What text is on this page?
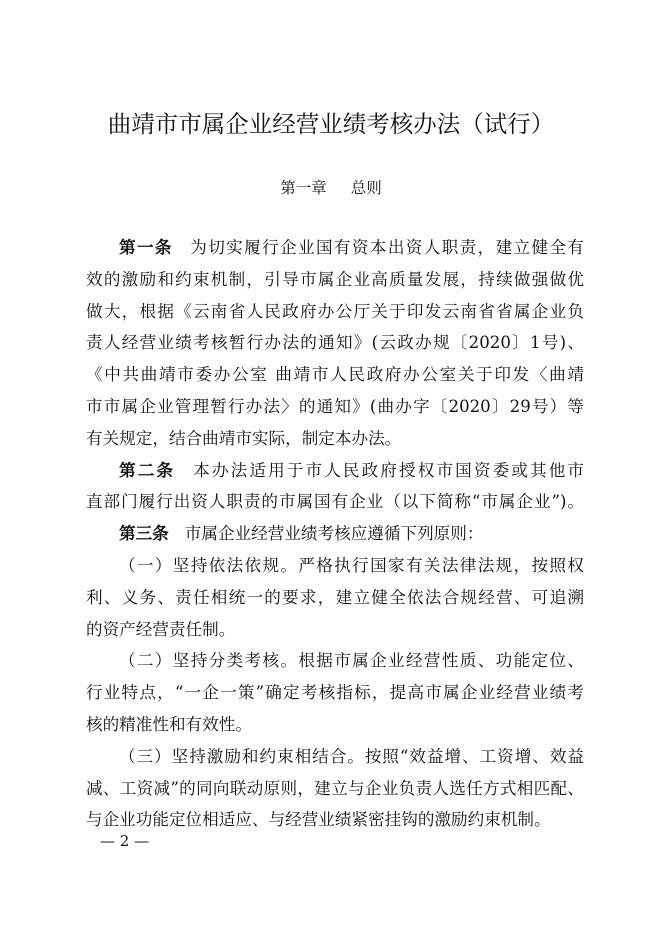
曲靖市市属企业经营业绩考核办法（试行）
第一章 总则
第一条 为切实履行企业国有资本出资人职责，建立健全有
效的激励和约束机制，引导市属企业高质量发展，持续做强做优
做大，根据《云南省人民政府办公厅关于印发云南省省属企业负
责人经营业绩考核暂行办法的通知》(云政办规〔2020〕1号)、
《中共曲靖市委办公室 曲靖市人民政府办公室关于印发〈曲靖
市市属企业管理暂行办法〉的通知》(曲办字〔2020〕29号）等
有关规定，结合曲靖市实际，制定本办法。
第二条 本办法适用于市人民政府授权市国资委或其他市
直部门履行出资人职责的市属国有企业（以下简称“市属企业”)。
第三条 市属企业经营业绩考核应遵循下列原则：
（一）坚持依法依规。严格执行国家有关法律法规，按照权
利、义务、责任相统一的要求，建立健全依法合规经营、可追溯
的资产经营责任制。
（二）坚持分类考核。根据市属企业经营性质、功能定位、
行业特点，“一企一策”确定考核指标，提高市属企业经营业绩考
核的精准性和有效性。
（三）坚持激励和约束相结合。按照“效益增、工资增、效益
减、工资减”的同向联动原则，建立与企业负责人选任方式相匹配、
与企业功能定位相适应、与经营业绩紧密挂钩的激励约束机制。
— 2 —
